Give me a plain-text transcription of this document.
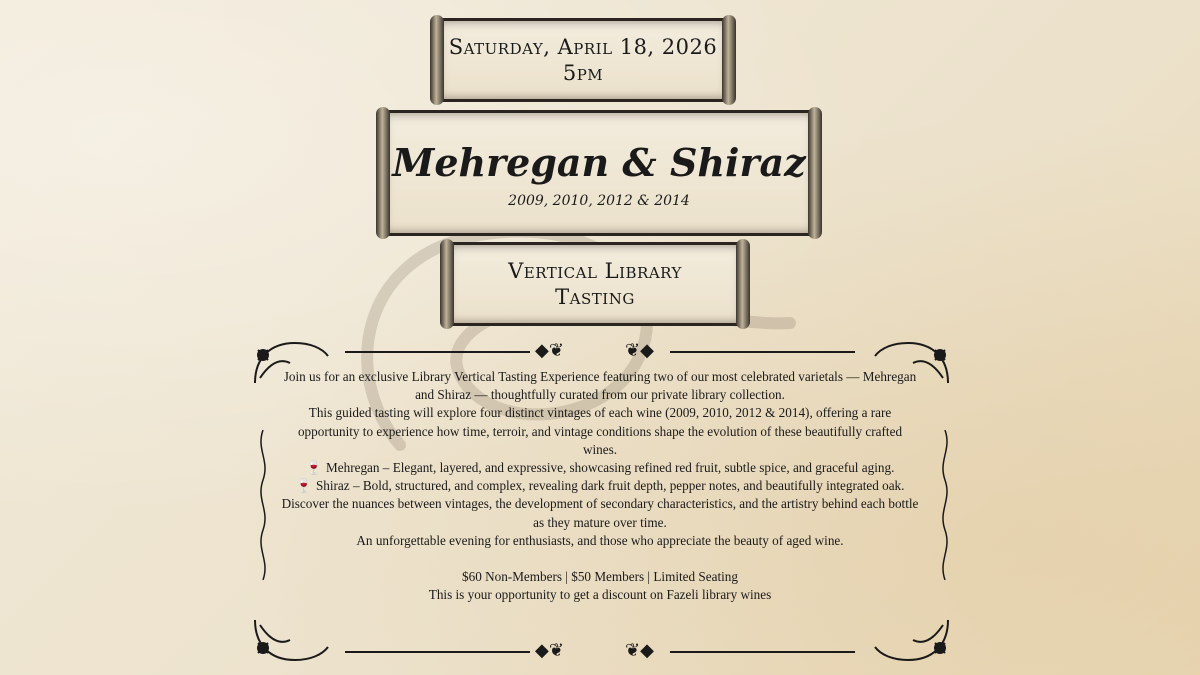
Saturday, April 18, 2026
5pm
Mehregan & Shiraz
2009, 2010, 2012 & 2014
Vertical Library
Tasting
◆❦	❦◆
◆❦	❦◆

Join us for an exclusive Library Vertical Tasting Experience featuring two of our most celebrated varietals — Mehregan and Shiraz — thoughtfully curated from our private library collection.

This guided tasting will explore four distinct vintages of each wine (2009, 2010, 2012 & 2014), offering a rare opportunity to experience how time, terroir, and vintage conditions shape the evolution of these beautifully crafted wines.

🍷 Mehregan – Elegant, layered, and expressive, showcasing refined red fruit, subtle spice, and graceful aging.

🍷 Shiraz – Bold, structured, and complex, revealing dark fruit depth, pepper notes, and beautifully integrated oak.

Discover the nuances between vintages, the development of secondary characteristics, and the artistry behind each bottle as they mature over time.

An unforgettable evening for enthusiasts, and those who appreciate the beauty of aged wine.

$60 Non-Members | $50 Members | Limited Seating

This is your opportunity to get a discount on Fazeli library wines
